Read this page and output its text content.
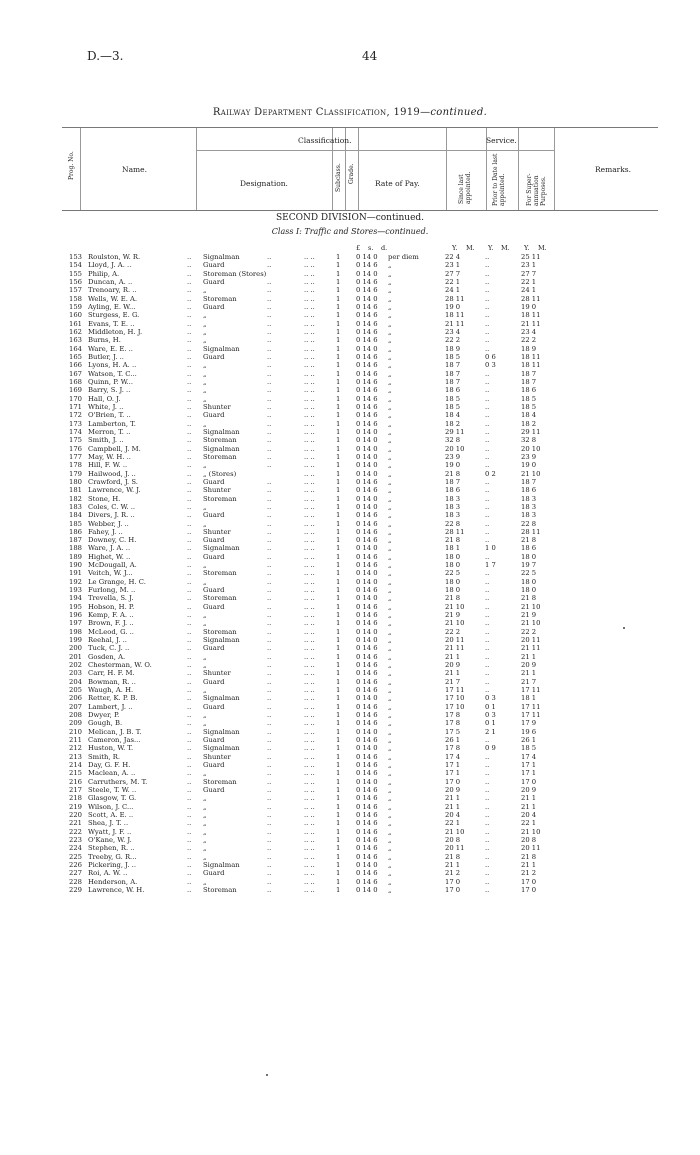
D.—3.	44
Railway Department Classification, 1919—continued.
Prog. No.	Name.
Classification.
Designation.	Subclass. Grade.	Rate of Pay.
Service.
Since last appointed.	Prior to Date last appointed.	For Super-annuation Purposes.
Remarks.
SECOND DIVISION—continued.
Class I: Traffic and Stores—continued.
£ s. d.	Y. M. Y. M. Y. M.
153 Roulston, W. R.	.. Signalman	..	.. ..	1 0 14 0 per diem	22 4	..	25 11
154 Lloyd, J. A. ..	.. Guard	..	.. ..	1 0 14 6 „	23 1	..	23 1
155 Philip, A.	.. Storeman (Stores)	.. ..	1 0 14 0 „	27 7	..	27 7
156 Duncan, A. ..	.. Guard	..	.. ..	1 0 14 6 „	22 1	..	22 1
157 Trenoary, R. ..	.. „	..	.. ..	1 0 14 6 „	24 1	..	24 1
158 Wells, W. E. A.	.. Storeman	..	.. ..	1 0 14 0 „	28 11	..	28 11
159 Ayling, E. W...	.. Guard	..	.. ..	1 0 14 6 „	19 0	..	19 0
160 Sturgess, E. G.	.. „	..	.. ..	1 0 14 6 „	18 11	..	18 11
161 Evans, T. E. ..	.. „	..	.. ..	1 0 14 6 „	21 11	..	21 11
162 Middleton, H. J.	.. „	..	.. ..	1 0 14 6 „	23 4	..	23 4
163 Burns, H.	.. „	..	.. ..	1 0 14 6 „	22 2	..	22 2
164 Ware, E. E. ..	.. Signalman	..	.. ..	1 0 14 0 „	18 9	..	18 9
165 Butler, J. ..	.. Guard	..	.. ..	1 0 14 6 „	18 5	0 6	18 11
166 Lyons, H. A. ..	.. „	..	.. ..	1 0 14 6 „	18 7	0 3	18 11
167 Watson, T. C...	.. „	..	.. ..	1 0 14 6 „	18 7	..	18 7
168 Quinn, P. W...	.. „	..	.. ..	1 0 14 6 „	18 7	..	18 7
169 Barry, S. J. ..	.. „	..	.. ..	1 0 14 6 „	18 6	..	18 6
170 Hall, O. J.	.. „	..	.. ..	1 0 14 6 „	18 5	..	18 5
171 White, J. ..	.. Shunter	..	.. ..	1 0 14 6 „	18 5	..	18 5
172 O'Brien, T. ..	.. Guard	..	.. ..	1 0 14 6 „	18 4	..	18 4
173 Lamberton, T.	.. „	..	.. ..	1 0 14 6 „	18 2	..	18 2
174 Merron, T. ..	.. Signalman	..	.. ..	1 0 14 0 „	29 11	..	29 11
175 Smith, J. ..	.. Storeman	..	.. ..	1 0 14 0 „	32 8	..	32 8
176 Campbell, J. M.	.. Signalman	..	.. ..	1 0 14 0 „	20 10	..	20 10
177 May, W. H. ..	.. Storeman	..	.. ..	1 0 14 0 „	23 9	..	23 9
178 Hill, F. W. ..	.. „	..	.. ..	1 0 14 0 „	19 0	..	19 0
179 Hailwood, J. ..	.. „ (Stores)	.. ..	1 0 14 0 „	21 8	0 2	21 10
180 Crawford, J. S.	.. Guard	..	.. ..	1 0 14 6 „	18 7	..	18 7
181 Lawrence, W. J.	.. Shunter	..	.. ..	1 0 14 6 „	18 6	..	18 6
182 Stone, H.	.. Storeman	..	.. ..	1 0 14 0 „	18 3	..	18 3
183 Coles, C. W. ..	.. „	..	.. ..	1 0 14 0 „	18 3	..	18 3
184 Divers, J. R. ..	.. Guard	..	.. ..	1 0 14 6 „	18 3	..	18 3
185 Webber, J. ..	.. „	..	.. ..	1 0 14 6 „	22 8	..	22 8
186 Fahey, J. ..	.. Shunter	..	.. ..	1 0 14 6 „	28 11	..	28 11
187 Downey, C. H.	.. Guard	..	.. ..	1 0 14 6 „	21 8	..	21 8
188 Ware, J. A. ..	.. Signalman	..	.. ..	1 0 14 0 „	18 1	1 0	18 6
189 Highet, W. ..	.. Guard	..	.. ..	1 0 14 6 „	18 0	..	18 0
190 McDougall, A.	.. „	..	.. ..	1 0 14 6 „	18 0	1 7	19 7
191 Veitch, W. J...	.. Storeman	..	.. ..	1 0 14 0 „	22 5	..	22 5
192 Le Grange, H. C.	.. „	..	.. ..	1 0 14 0 „	18 0	..	18 0
193 Furlong, M. ..	.. Guard	..	.. ..	1 0 14 6 „	18 0	..	18 0
194 Trevella, S. J.	.. Storeman	..	.. ..	1 0 14 0 „	21 8	..	21 8
195 Hobson, H. P.	.. Guard	..	.. ..	1 0 14 6 „	21 10	..	21 10
196 Kemp, F. A. ..	.. „	..	.. ..	1 0 14 6 „	21 9	..	21 9
197 Brown, F. J. ..	.. „	..	.. ..	1 0 14 6 „	21 10	..	21 10
198 McLeod, G. ..	.. Storeman	..	.. ..	1 0 14 0 „	22 2	..	22 2
199 Reehal, J. ..	.. Signalman	..	.. ..	1 0 14 0 „	20 11	..	20 11
200 Tuck, C. J. ..	.. Guard	..	.. ..	1 0 14 6 „	21 11	..	21 11
201 Gosden, A.	.. „	..	.. ..	1 0 14 6 „	21 1	..	21 1
202 Chesterman, W. O.	.. „	..	.. ..	1 0 14 6 „	20 9	..	20 9
203 Carr, H. F. M.	.. Shunter	..	.. ..	1 0 14 6 „	21 1	..	21 1
204 Bowman, R. ..	.. Guard	..	.. ..	1 0 14 6 „	21 7	..	21 7
205 Waugh, A. H.	.. „	..	.. ..	1 0 14 6 „	17 11	..	17 11
206 Retter, K. P. B.	.. Signalman	..	.. ..	1 0 14 0 „	17 10	0 3	18 1
207 Lambert, J. ..	.. Guard	..	.. ..	1 0 14 6 „	17 10	0 1	17 11
208 Dwyer, P.	.. „	..	.. ..	1 0 14 6 „	17 8	0 3	17 11
209 Gough, B.	.. „	..	.. ..	1 0 14 6 „	17 8	0 1	17 9
210 Melican, J. B. T.	.. Signalman	..	.. ..	1 0 14 0 „	17 5	2 1	19 6
211 Cameron, Jas...	.. Guard	..	.. ..	1 0 14 6 „	26 1	..	26 1
212 Huston, W. T.	.. Signalman	..	.. ..	1 0 14 0 „	17 8	0 9	18 5
213 Smith, R.	.. Shunter	..	.. ..	1 0 14 6 „	17 4	..	17 4
214 Day, G. F. H.	.. Guard	..	.. ..	1 0 14 6 „	17 1	..	17 1
215 Maclean, A. ..	.. „	..	.. ..	1 0 14 6 „	17 1	..	17 1
216 Carruthers, M. T.	.. Storeman	..	.. ..	1 0 14 0 „	17 0	..	17 0
217 Steele, T. W. ..	.. Guard	..	.. ..	1 0 14 6 „	20 9	..	20 9
218 Glasgow, T. G.	.. „	..	.. ..	1 0 14 6 „	21 1	..	21 1
219 Wilson, J. C...	.. „	..	.. ..	1 0 14 6 „	21 1	..	21 1
220 Scott, A. E. ..	.. „	..	.. ..	1 0 14 6 „	20 4	..	20 4
221 Shea, J. T. ..	.. „	..	.. ..	1 0 14 6 „	22 1	..	22 1
222 Wyatt, J. F. ..	.. „	..	.. ..	1 0 14 6 „	21 10	..	21 10
223 O'Kane, W. J.	.. „	..	.. ..	1 0 14 6 „	20 8	..	20 8
224 Stephen, R. ..	.. „	..	.. ..	1 0 14 6 „	20 11	..	20 11
225 Treeby, G. R...	.. „	..	.. ..	1 0 14 6 „	21 8	..	21 8
226 Pickering, J. ..	.. Signalman	..	.. ..	1 0 14 0 „	21 1	..	21 1
227 Roi, A. W. ..	.. Guard	..	.. ..	1 0 14 6 „	21 2	..	21 2
228 Henderson, A.	.. „	..	.. ..	1 0 14 6 „	17 0	..	17 0
229 Lawrence, W. H.	.. Storeman	..	.. ..	1 0 14 0 „	17 0	..	17 0
